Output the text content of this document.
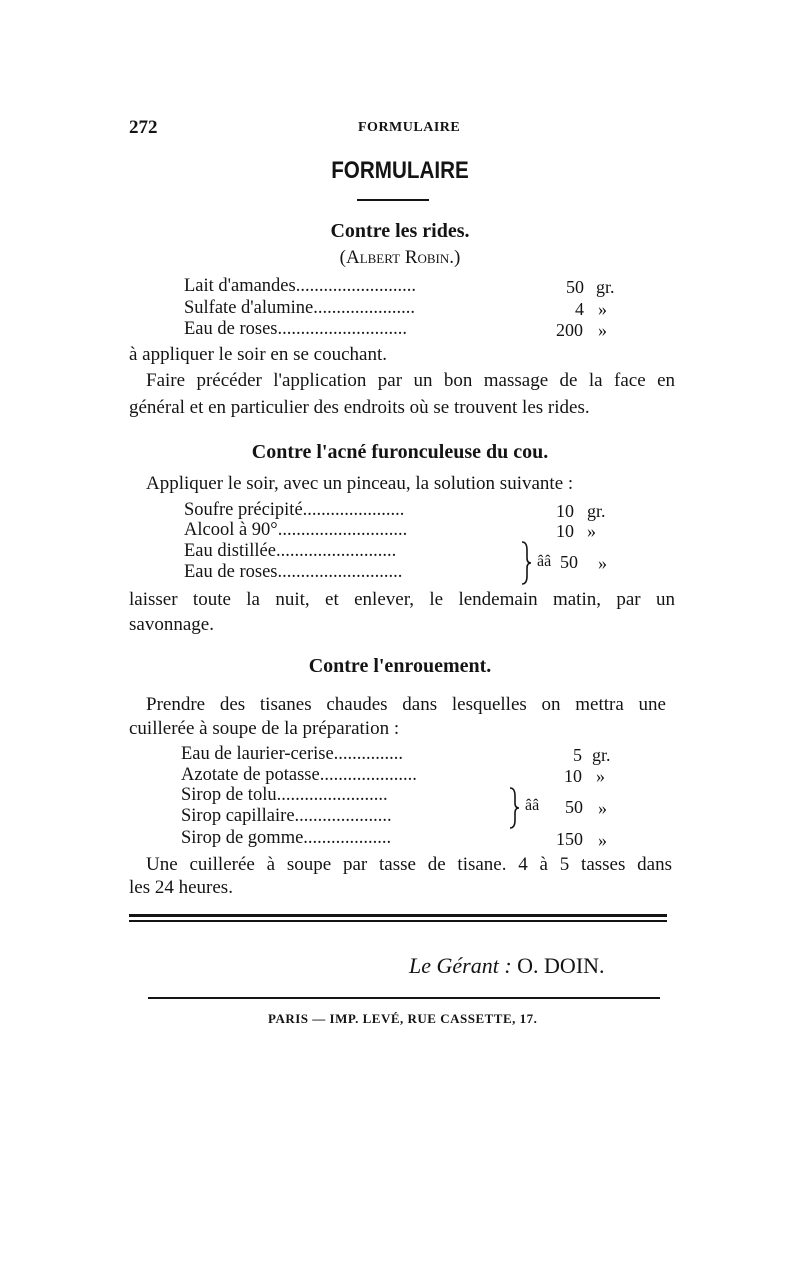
272	FORMULAIRE
FORMULAIRE
Contre les rides.
(Albert Robin.)
Lait d'amandes..........................	50 gr.
Sulfate d'alumine......................	4 »
Eau de roses............................	200 »
à appliquer le soir en se couchant.
Faire précéder l'application par un bon massage de la face en
général et en particulier des endroits où se trouvent les rides.
Contre l'acné furonculeuse du cou.
Appliquer le soir, avec un pinceau, la solution suivante :
Soufre précipité......................	10 gr.
Alcool à 90°............................	10 »
Eau distillée..........................
Eau de roses...........................
ââ 50 »
laisser toute la nuit, et enlever, le lendemain matin, par un
savonnage.
Contre l'enrouement.
Prendre des tisanes chaudes dans lesquelles on mettra une
cuillerée à soupe de la préparation :
Eau de laurier-cerise...............	5 gr.
Azotate de potasse.....................	10 »
Sirop de tolu........................
Sirop capillaire.....................
ââ 50 »
Sirop de gomme...................	150 »
Une cuillerée à soupe par tasse de tisane. 4 à 5 tasses dans
les 24 heures.
Le Gérant : O. DOIN.
PARIS — IMP. LEVÉ, RUE CASSETTE, 17.
